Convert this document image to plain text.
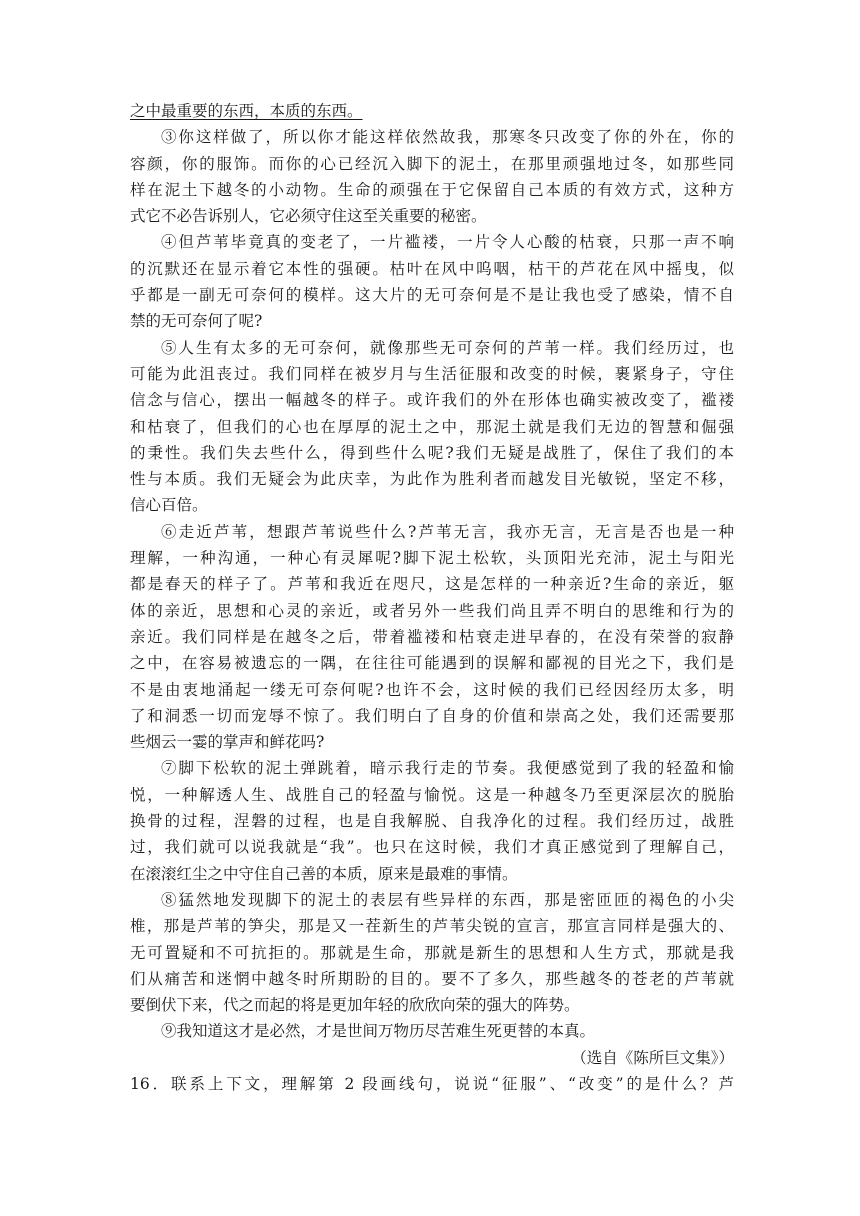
之中最重要的东西，本质的东西。
③你这样做了，所以你才能这样依然故我，那寒冬只改变了你的外在，你的
容颜，你的服饰。而你的心已经沉入脚下的泥土，在那里顽强地过冬，如那些同
样在泥土下越冬的小动物。生命的顽强在于它保留自己本质的有效方式，这种方
式它不必告诉别人，它必须守住这至关重要的秘密。
④但芦苇毕竟真的变老了，一片褴褛，一片令人心酸的枯衰，只那一声不响
的沉默还在显示着它本性的强硬。枯叶在风中呜咽，枯干的芦花在风中摇曳，似
乎都是一副无可奈何的模样。这大片的无可奈何是不是让我也受了感染，情不自
禁的无可奈何了呢?
⑤人生有太多的无可奈何，就像那些无可奈何的芦苇一样。我们经历过，也
可能为此沮丧过。我们同样在被岁月与生活征服和改变的时候，裹紧身子，守住
信念与信心，摆出一幅越冬的样子。或许我们的外在形体也确实被改变了，褴褛
和枯衰了，但我们的心也在厚厚的泥土之中，那泥土就是我们无边的智慧和倔强
的秉性。我们失去些什么，得到些什么呢?我们无疑是战胜了，保住了我们的本
性与本质。我们无疑会为此庆幸，为此作为胜利者而越发目光敏锐，坚定不移，
信心百倍。
⑥走近芦苇，想跟芦苇说些什么?芦苇无言，我亦无言，无言是否也是一种
理解，一种沟通，一种心有灵犀呢?脚下泥土松软，头顶阳光充沛，泥土与阳光
都是春天的样子了。芦苇和我近在咫尺，这是怎样的一种亲近?生命的亲近，躯
体的亲近，思想和心灵的亲近，或者另外一些我们尚且弄不明白的思维和行为的
亲近。我们同样是在越冬之后，带着褴褛和枯衰走进早春的，在没有荣誉的寂静
之中，在容易被遗忘的一隅，在往往可能遇到的误解和鄙视的目光之下，我们是
不是由衷地涌起一缕无可奈何呢?也许不会，这时候的我们已经因经历太多，明
了和洞悉一切而宠辱不惊了。我们明白了自身的价值和崇高之处，我们还需要那
些烟云一霎的掌声和鲜花吗?
⑦脚下松软的泥土弹跳着，暗示我行走的节奏。我便感觉到了我的轻盈和愉
悦，一种解透人生、战胜自己的轻盈与愉悦。这是一种越冬乃至更深层次的脱胎
换骨的过程，涅磐的过程，也是自我解脱、自我净化的过程。我们经历过，战胜
过，我们就可以说我就是“我”。也只在这时候，我们才真正感觉到了理解自己，
在滚滚红尘之中守住自己善的本质，原来是最难的事情。
⑧猛然地发现脚下的泥土的表层有些异样的东西，那是密匝匝的褐色的小尖
椎，那是芦苇的笋尖，那是又一茬新生的芦苇尖锐的宣言，那宣言同样是强大的、
无可置疑和不可抗拒的。那就是生命，那就是新生的思想和人生方式，那就是我
们从痛苦和迷惘中越冬时所期盼的目的。要不了多久，那些越冬的苍老的芦苇就
要倒伏下来，代之而起的将是更加年轻的欣欣向荣的强大的阵势。
⑨我知道这才是必然，才是世间万物历尽苦难生死更替的本真。
（选自《陈所巨文集》）
16．联系上下文，理解第 2 段画线句，说说“征服”、“改变”的是什么？芦
